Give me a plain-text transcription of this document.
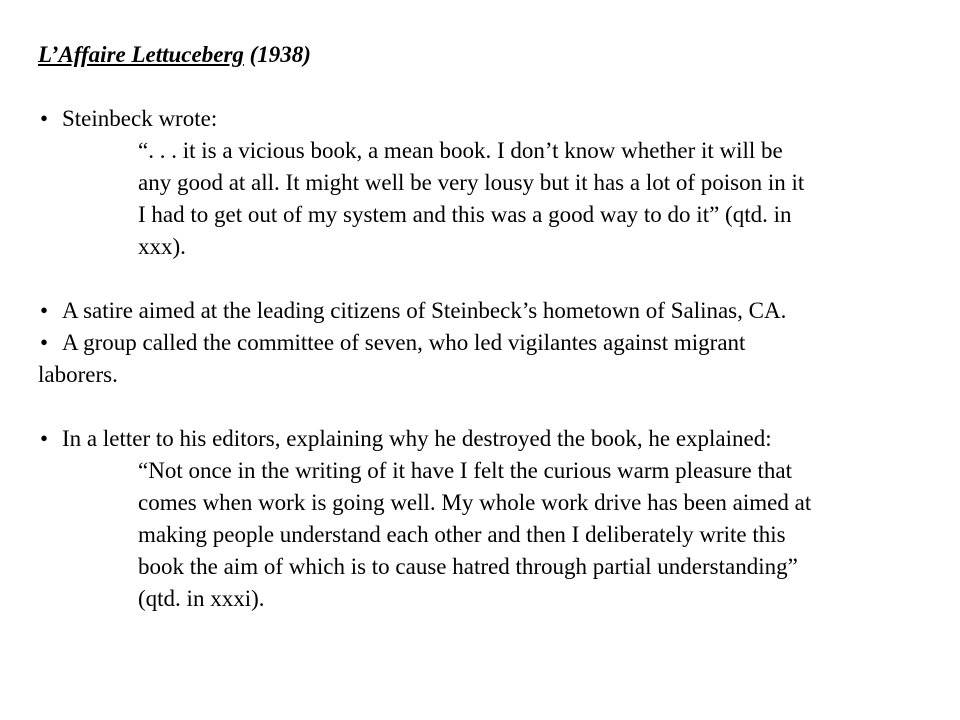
L’Affaire Lettuceberg (1938)
• Steinbeck wrote:
“. . . it is a vicious book, a mean book. I don’t know whether it will be
any good at all. It might well be very lousy but it has a lot of poison in it
I had to get out of my system and this was a good way to do it” (qtd. in
xxx).
• A satire aimed at the leading citizens of Steinbeck’s hometown of Salinas, CA.
• A group called the committee of seven, who led vigilantes against migrant
laborers.
• In a letter to his editors, explaining why he destroyed the book, he explained:
“Not once in the writing of it have I felt the curious warm pleasure that
comes when work is going well. My whole work drive has been aimed at
making people understand each other and then I deliberately write this
book the aim of which is to cause hatred through partial understanding”
(qtd. in xxxi).
